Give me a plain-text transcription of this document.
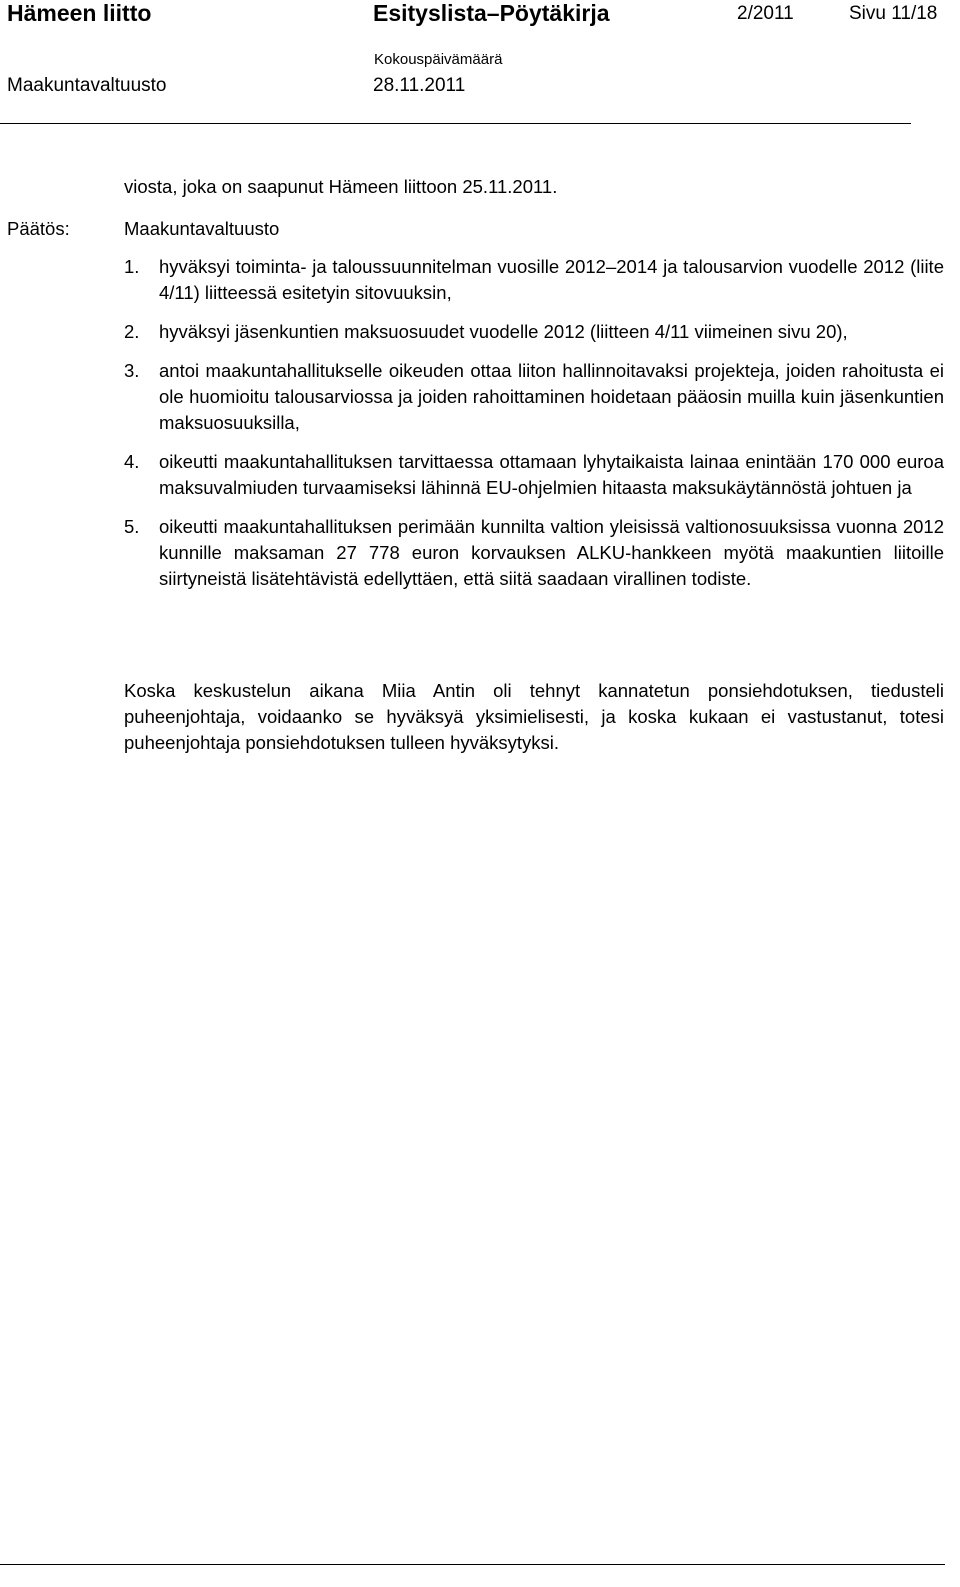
Hämeen liitto	Esityslista–Pöytäkirja	2/2011	Sivu 11/18
Kokouspäivämäärä
Maakuntavaltuusto	28.11.2011
viosta, joka on saapunut Hämeen liittoon 25.11.2011.
Päätös:	Maakuntavaltuusto
1. hyväksyi toiminta- ja taloussuunnitelman vuosille 2012–2014 ja talousarvion vuodelle 2012 (liite 4/11) liitteessä esitetyin sitovuuksin,
2. hyväksyi jäsenkuntien maksuosuudet vuodelle 2012 (liitteen 4/11 viimeinen sivu 20),
3. antoi maakuntahallitukselle oikeuden ottaa liiton hallinnoitavaksi projekteja, joiden rahoitusta ei ole huomioitu talousarviossa ja joiden rahoittaminen hoidetaan pääosin muilla kuin jäsenkuntien maksuosuuksilla,
4. oikeutti maakuntahallituksen tarvittaessa ottamaan lyhytaikaista lainaa enintään 170 000 euroa maksuvalmiuden turvaamiseksi lähinnä EU-ohjelmien hitaasta maksukäytännöstä johtuen ja
5. oikeutti maakuntahallituksen perimään kunnilta valtion yleisissä valtionosuuksissa vuonna 2012 kunnille maksaman 27 778 euron korvauksen ALKU-hankkeen myötä maakuntien liitoille siirtyneistä lisätehtävistä edellyttäen, että siitä saadaan virallinen todiste.
Koska keskustelun aikana Miia Antin oli tehnyt kannatetun ponsiehdotuksen, tiedusteli puheenjohtaja, voidaanko se hyväksyä yksimielisesti, ja koska kukaan ei vastustanut, totesi puheenjohtaja ponsiehdotuksen tulleen hyväksytyksi.
